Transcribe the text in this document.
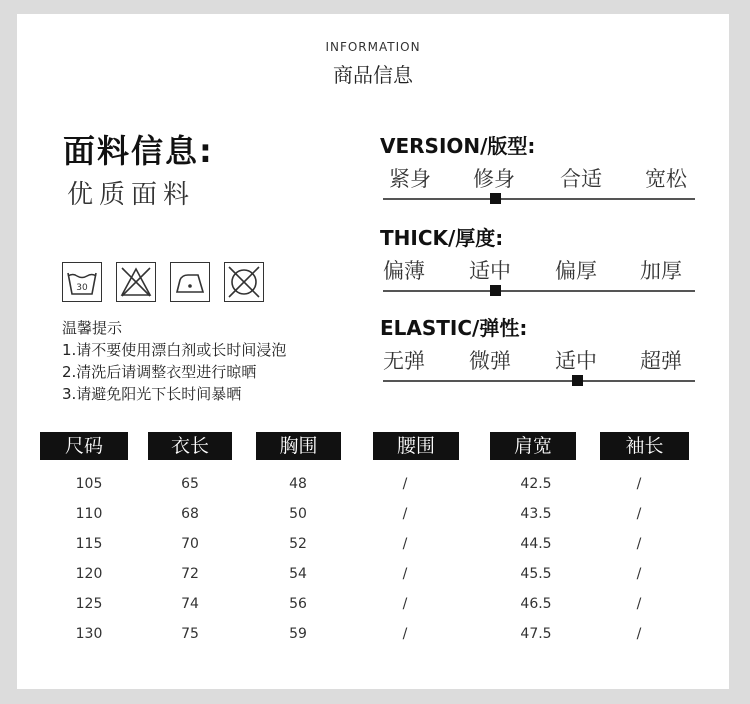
INFORMATION
商品信息
面料信息:
优质面料
30
温馨提示
1.请不要使用漂白剂或长时间浸泡
2.清洗后请调整衣型进行晾晒
3.请避免阳光下长时间暴晒
VERSION/版型:
紧身 修身 合适 宽松
THICK/厚度:
偏薄 适中 偏厚 加厚
ELASTIC/弹性:
无弹 微弹 适中 超弹
尺码	衣长	胸围	腰围	肩宽	袖长
105	65	48	/	42.5	/
110	68	50	/	43.5	/
115	70	52	/	44.5	/
120	72	54	/	45.5	/
125	74	56	/	46.5	/
130	75	59	/	47.5	/
